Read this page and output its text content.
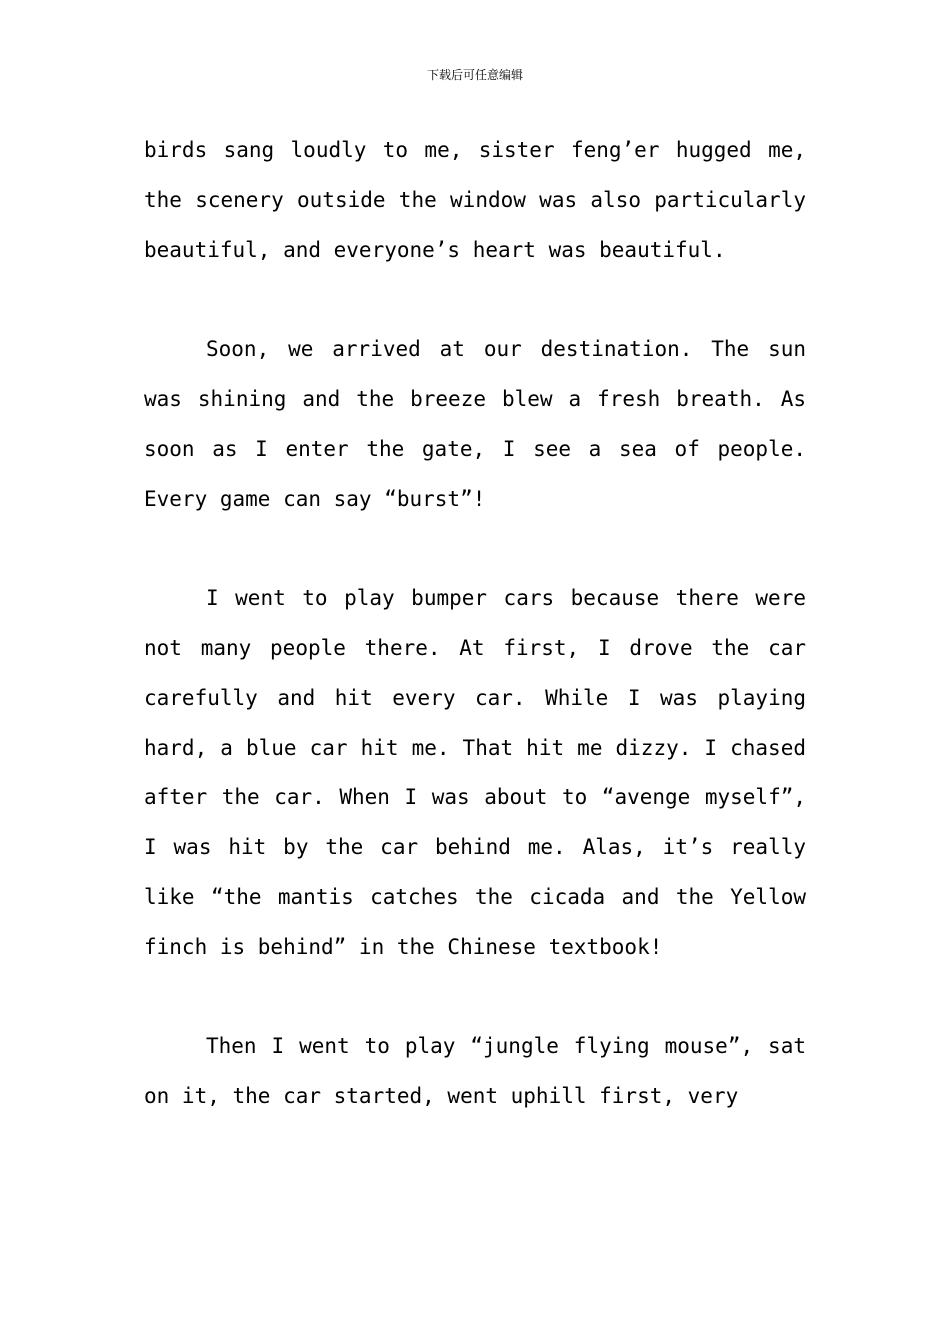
下载后可任意编辑

birds sang loudly to me, sister feng’er hugged me, the scenery outside the window was also particularly beautiful, and everyone’s heart was beautiful.

Soon, we arrived at our destination. The sun was shining and the breeze blew a fresh breath. As soon as I enter the gate, I see a sea of people. Every game can say “burst”!

I went to play bumper cars because there were not many people there. At first, I drove the car carefully and hit every car. While I was playing hard, a blue car hit me. That hit me dizzy. I chased after the car. When I was about to “avenge myself”, I was hit by the car behind me. Alas, it’s really like “the mantis catches the cicada and the Yellow finch is behind” in the Chinese textbook!

Then I went to play “jungle flying mouse”, sat on it, the car started, went uphill first, very
